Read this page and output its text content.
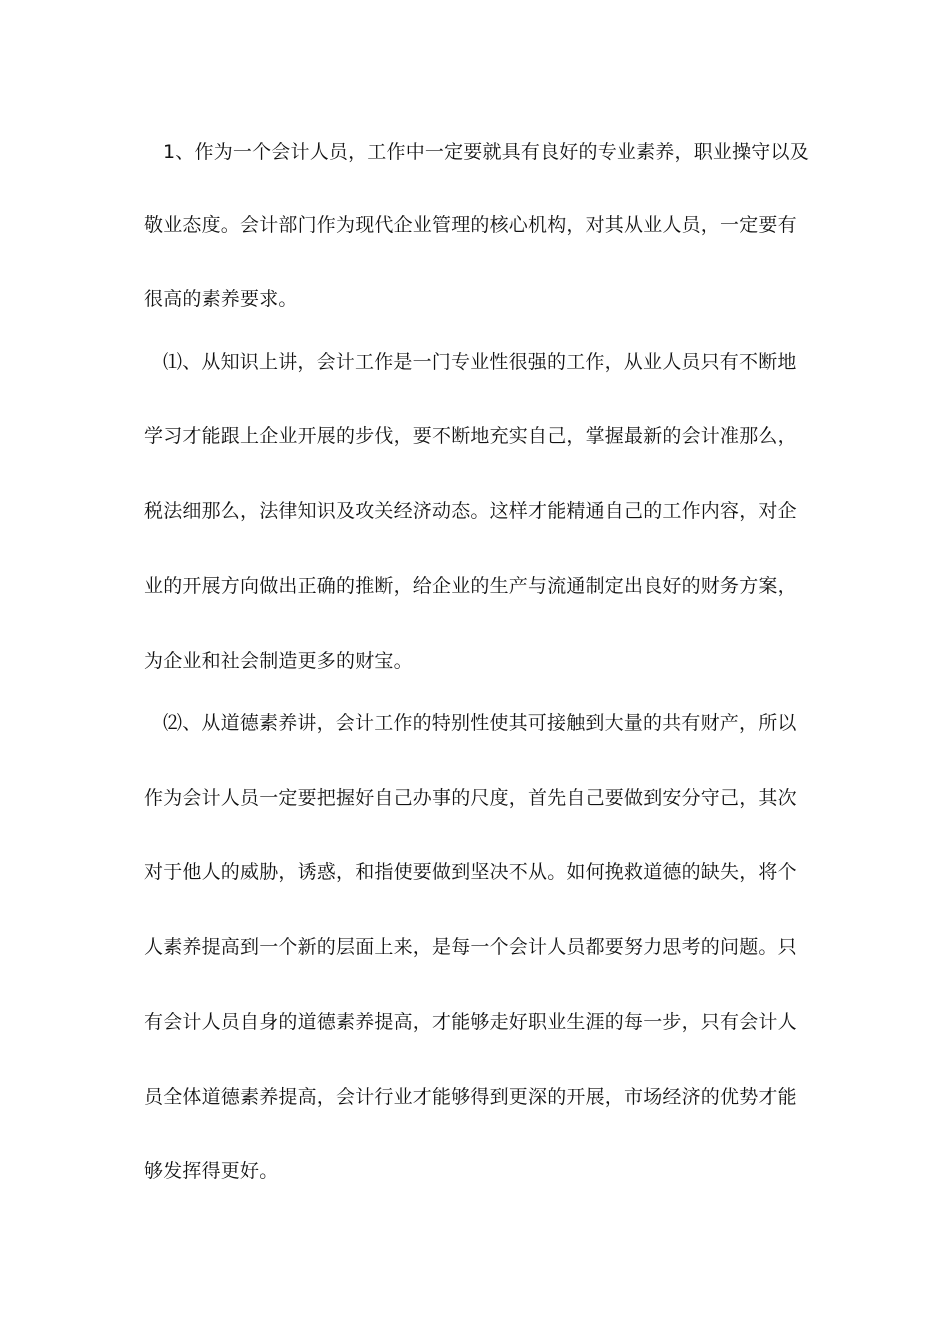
1、作为一个会计人员，工作中一定要就具有良好的专业素养，职业操守以及
敬业态度。会计部门作为现代企业管理的核心机构，对其从业人员，一定要有
很高的素养要求。
⑴、从知识上讲，会计工作是一门专业性很强的工作，从业人员只有不断地
学习才能跟上企业开展的步伐，要不断地充实自己，掌握最新的会计准那么，
税法细那么，法律知识及攻关经济动态。这样才能精通自己的工作内容，对企
业的开展方向做出正确的推断，给企业的生产与流通制定出良好的财务方案，
为企业和社会制造更多的财宝。
⑵、从道德素养讲，会计工作的特别性使其可接触到大量的共有财产，所以
作为会计人员一定要把握好自己办事的尺度，首先自己要做到安分守己，其次
对于他人的威胁，诱惑，和指使要做到坚决不从。如何挽救道德的缺失，将个
人素养提高到一个新的层面上来，是每一个会计人员都要努力思考的问题。只
有会计人员自身的道德素养提高，才能够走好职业生涯的每一步，只有会计人
员全体道德素养提高，会计行业才能够得到更深的开展，市场经济的优势才能
够发挥得更好。
